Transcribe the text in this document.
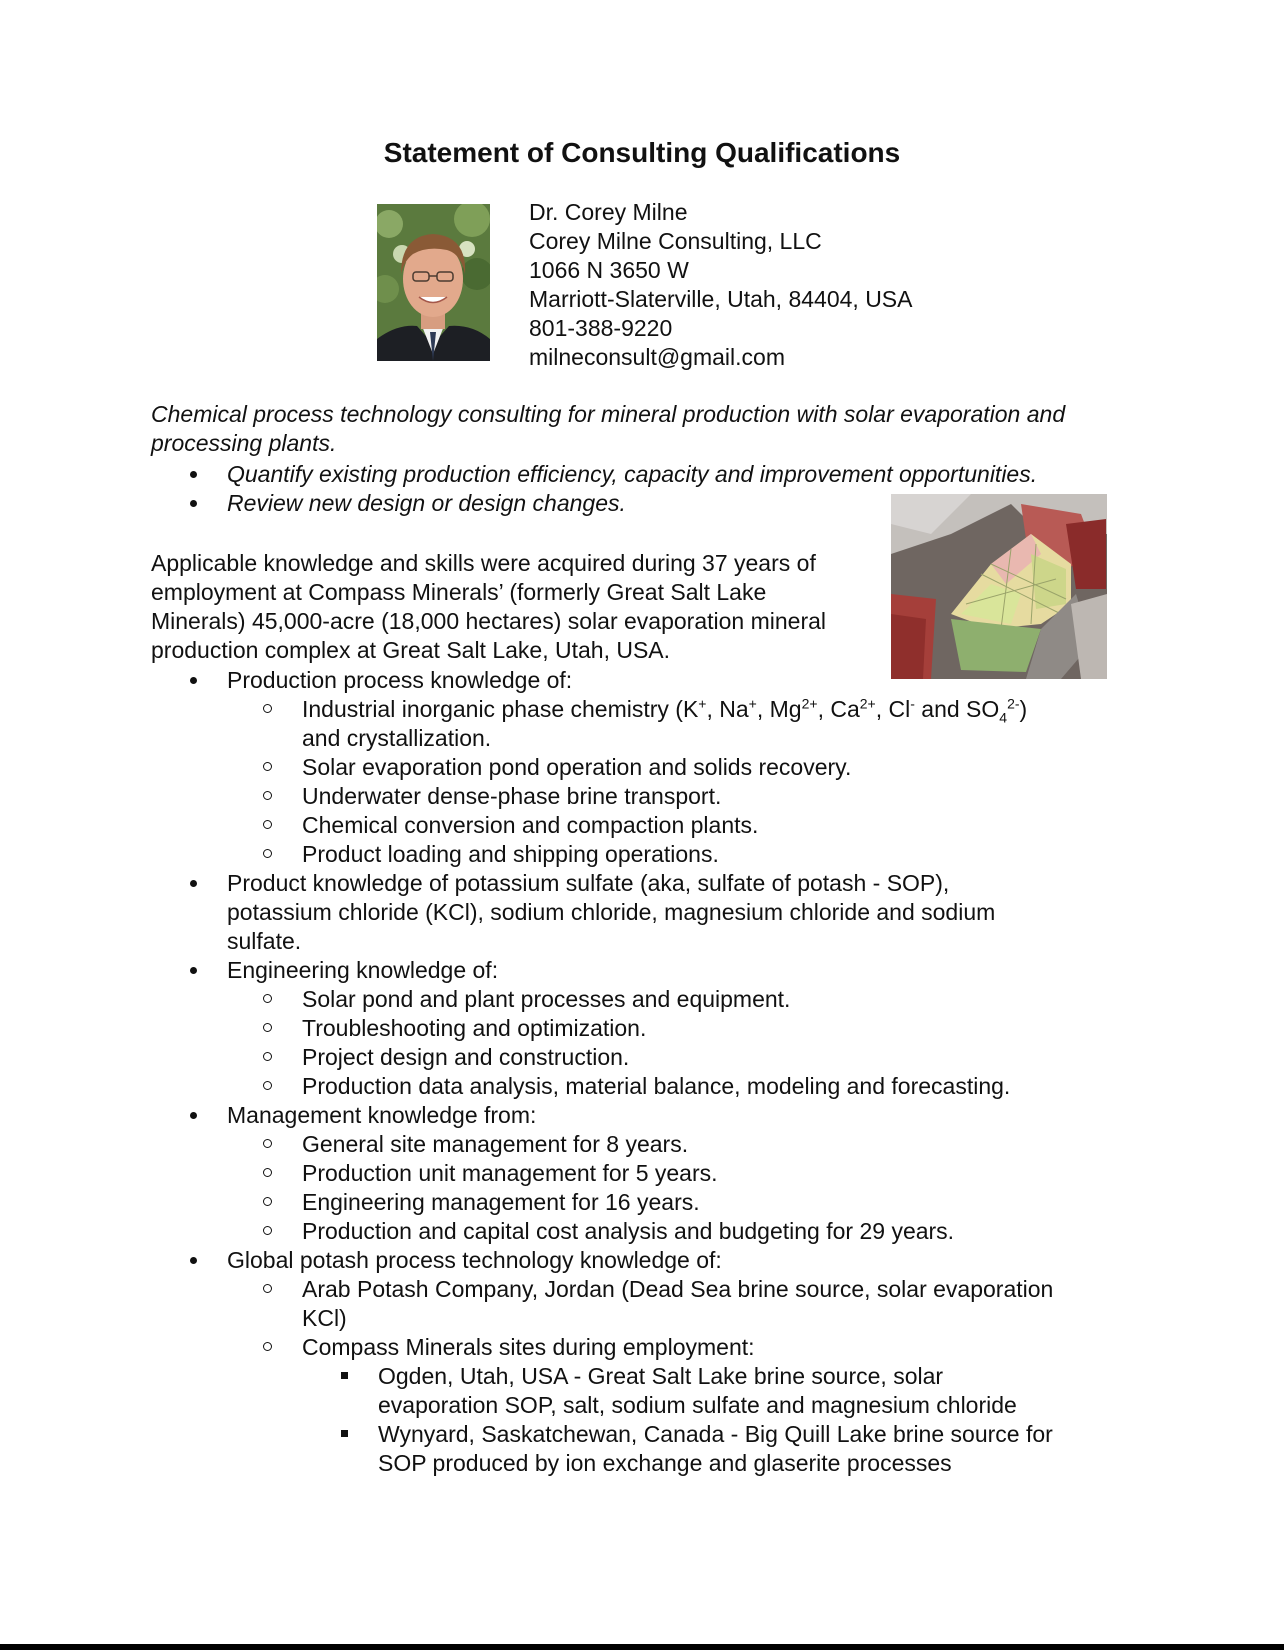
Statement of Consulting Qualifications
Dr. Corey Milne
Corey Milne Consulting, LLC
1066 N 3650 W
Marriott-Slaterville, Utah, 84404, USA
801-388-9220
milneconsult@gmail.com

Chemical process technology consulting for mineral production with solar evaporation and processing plants.

Quantify existing production efficiency, capacity and improvement opportunities.
Review new design or design changes.

Applicable knowledge and skills were acquired during 37 years of employment at Compass Minerals’ (formerly Great Salt Lake Minerals) 45,000-acre (18,000 hectares) solar evaporation mineral production complex at Great Salt Lake, Utah, USA.

Production process knowledge of:
Industrial inorganic phase chemistry (K+, Na+, $Mg^{2+}$, $Ca^{2+}$, Cl- and $SO_4^{2-}$)
and crystallization.
Solar evaporation pond operation and solids recovery.
Underwater dense-phase brine transport.
Chemical conversion and compaction plants.
Product loading and shipping operations.
Product knowledge of potassium sulfate (aka, sulfate of potash - SOP),
potassium chloride (KCl), sodium chloride, magnesium chloride and sodium
sulfate.
Engineering knowledge of:
Solar pond and plant processes and equipment.
Troubleshooting and optimization.
Project design and construction.
Production data analysis, material balance, modeling and forecasting.
Management knowledge from:
General site management for 8 years.
Production unit management for 5 years.
Engineering management for 16 years.
Production and capital cost analysis and budgeting for 29 years.
Global potash process technology knowledge of:
Arab Potash Company, Jordan (Dead Sea brine source, solar evaporation
KCl)
Compass Minerals sites during employment:
Ogden, Utah, USA - Great Salt Lake brine source, solar
evaporation SOP, salt, sodium sulfate and magnesium chloride
Wynyard, Saskatchewan, Canada - Big Quill Lake brine source for
SOP produced by ion exchange and glaserite processes
